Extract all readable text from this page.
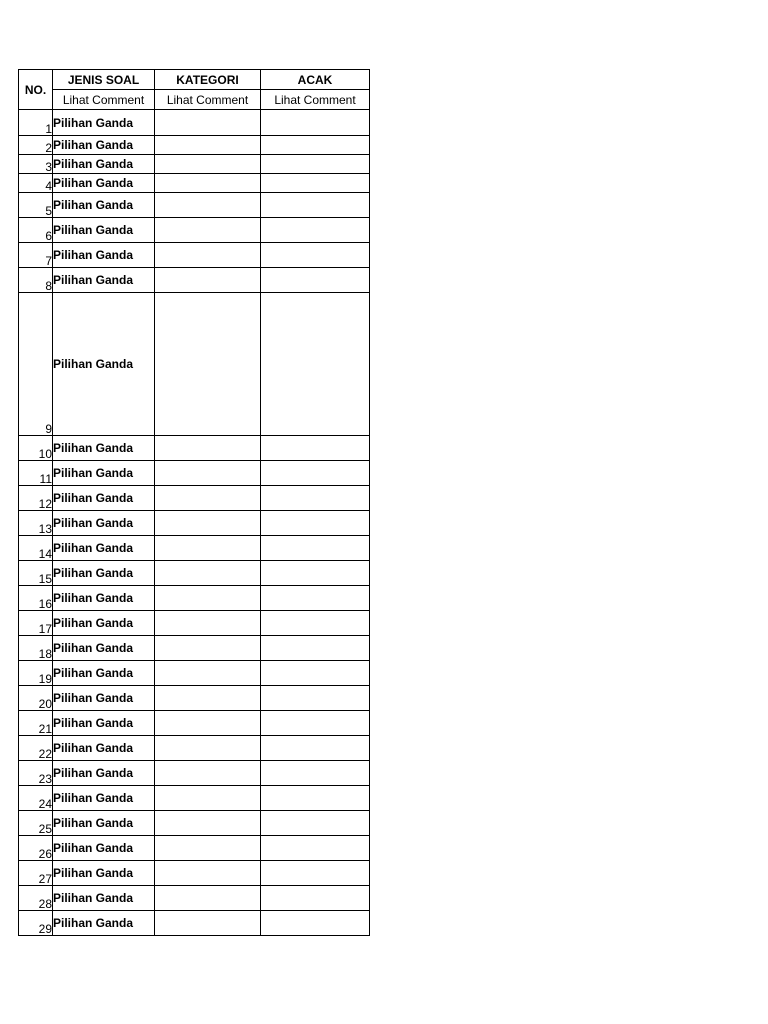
NO.	JENIS SOAL	KATEGORI	ACAK
	Lihat Comment	Lihat Comment	Lihat Comment
1	Pilihan Ganda		
2	Pilihan Ganda		
3	Pilihan Ganda		
4	Pilihan Ganda		
5	Pilihan Ganda		
6	Pilihan Ganda		
7	Pilihan Ganda		
8	Pilihan Ganda		
9	Pilihan Ganda		
10	Pilihan Ganda		
11	Pilihan Ganda		
12	Pilihan Ganda		
13	Pilihan Ganda		
14	Pilihan Ganda		
15	Pilihan Ganda		
16	Pilihan Ganda		
17	Pilihan Ganda		
18	Pilihan Ganda		
19	Pilihan Ganda		
20	Pilihan Ganda		
21	Pilihan Ganda		
22	Pilihan Ganda		
23	Pilihan Ganda		
24	Pilihan Ganda		
25	Pilihan Ganda		
26	Pilihan Ganda		
27	Pilihan Ganda		
28	Pilihan Ganda		
29	Pilihan Ganda		
